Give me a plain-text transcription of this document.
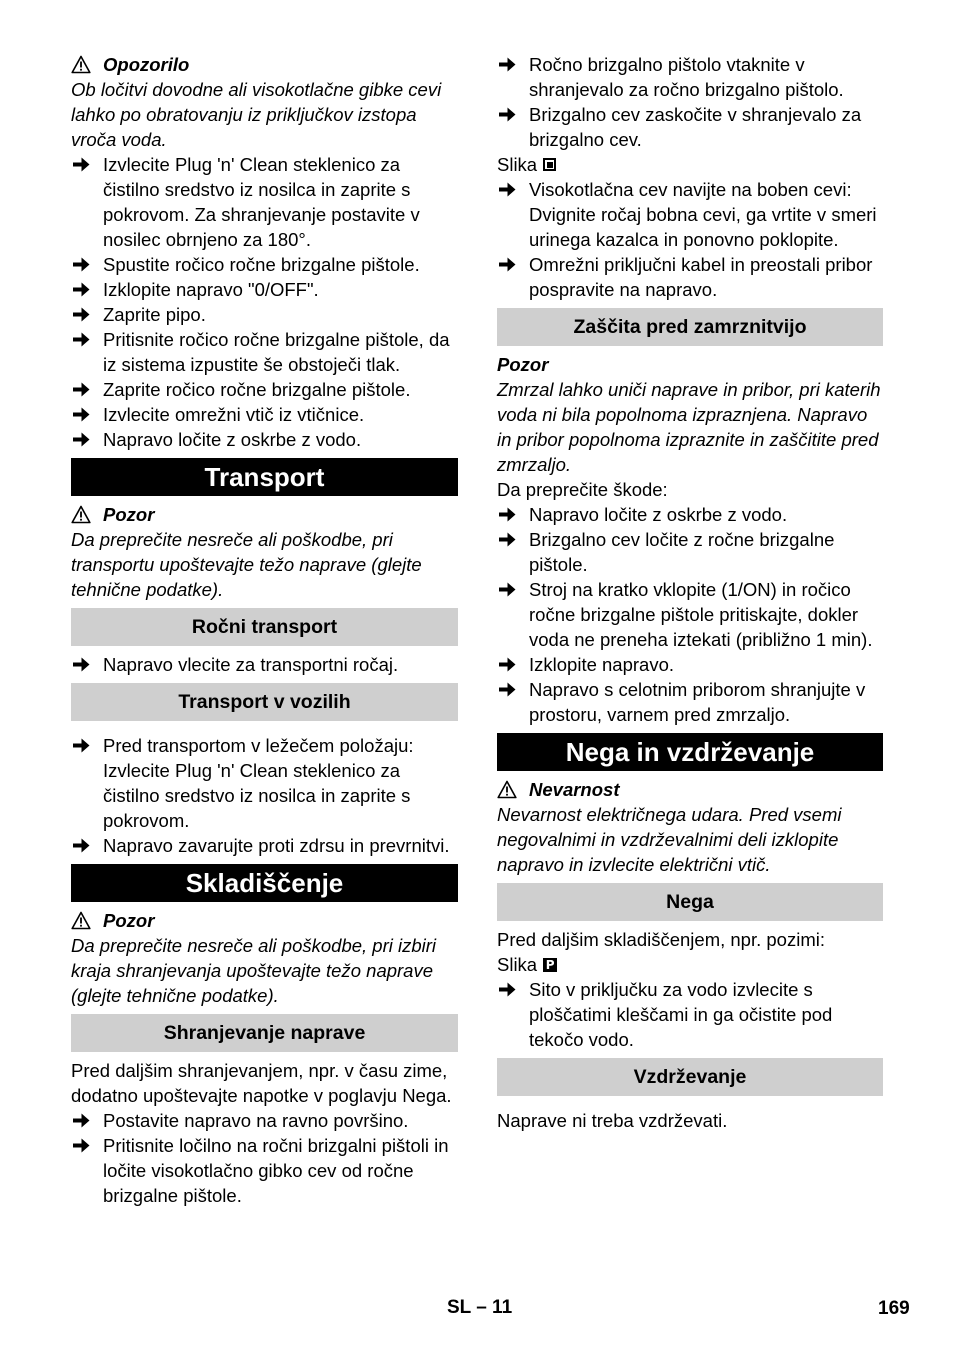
Opozorilo

Ob ločitvi dovodne ali visokotlačne gibke cevi lahko po obratovanju iz priključkov izstopa vroča voda.

Izvlecite Plug 'n' Clean steklenico za čistilno sredstvo iz nosilca in zaprite s pokrovom. Za shranjevanje postavite v nosilec obrnjeno za 180°.
Spustite ročico ročne brizgalne pištole.
Izklopite napravo "0/OFF".
Zaprite pipo.
Pritisnite ročico ročne brizgalne pištole, da iz sistema izpustite še obstoječi tlak.
Zaprite ročico ročne brizgalne pištole.
Izvlecite omrežni vtič iz vtičnice.
Napravo ločite z oskrbe z vodo.
Transport
Pozor

Da preprečite nesreče ali poškodbe, pri transportu upoštevajte težo naprave (glejte tehnične podatke).

Ročni transport
Napravo vlecite za transportni ročaj.
Transport v vozilih
Pred transportom v ležečem položaju: Izvlecite Plug 'n' Clean steklenico za čistilno sredstvo iz nosilca in zaprite s pokrovom.
Napravo zavarujte proti zdrsu in prevrnitvi.
Skladiščenje
Pozor

Da preprečite nesreče ali poškodbe, pri izbiri kraja shranjevanja upoštevajte težo naprave (glejte tehnične podatke).

Shranjevanje naprave

Pred daljšim shranjevanjem, npr. v času zime, dodatno upoštevajte napotke v poglavju Nega.

Postavite napravo na ravno površino.
Pritisnite ločilno na ročni brizgalni pištoli in ločite visokotlačno gibko cev od ročne brizgalne pištole.
Ročno brizgalno pištolo vtaknite v shranjevalo za ročno brizgalno pištolo.
Brizgalno cev zaskočite v shranjevalo za brizgalno cev.
Slika
Visokotlačna cev navijte na boben cevi: Dvignite ročaj bobna cevi, ga vrtite v smeri urinega kazalca in ponovno poklopite.
Omrežni priključni kabel in preostali pribor pospravite na napravo.
Zaščita pred zamrznitvijo
Pozor

Zmrzal lahko uniči naprave in pribor, pri katerih voda ni bila popolnoma izpraznjena. Napravo in pribor popolnoma izpraznite in zaščitite pred zmrzaljo.

Da preprečite škode:

Napravo ločite z oskrbe z vodo.
Brizgalno cev ločite z ročne brizgalne pištole.
Stroj na kratko vklopite (1/ON) in ročico ročne brizgalne pištole pritiskajte, dokler voda ne preneha iztekati (približno 1 min).
Izklopite napravo.
Napravo s celotnim priborom shranjujte v prostoru, varnem pred zmrzaljo.
Nega in vzdrževanje
Nevarnost

Nevarnost električnega udara. Pred vsemi negovalnimi in vzdrževalnimi deli izklopite napravo in izvlecite električni vtič.

Nega

Pred daljšim skladiščenjem, npr. pozimi:

Slika P
Sito v priključku za vodo izvlecite s ploščatimi kleščami in ga očistite pod tekočo vodo.
Vzdrževanje

Naprave ni treba vzdrževati.

SL – 11	169
